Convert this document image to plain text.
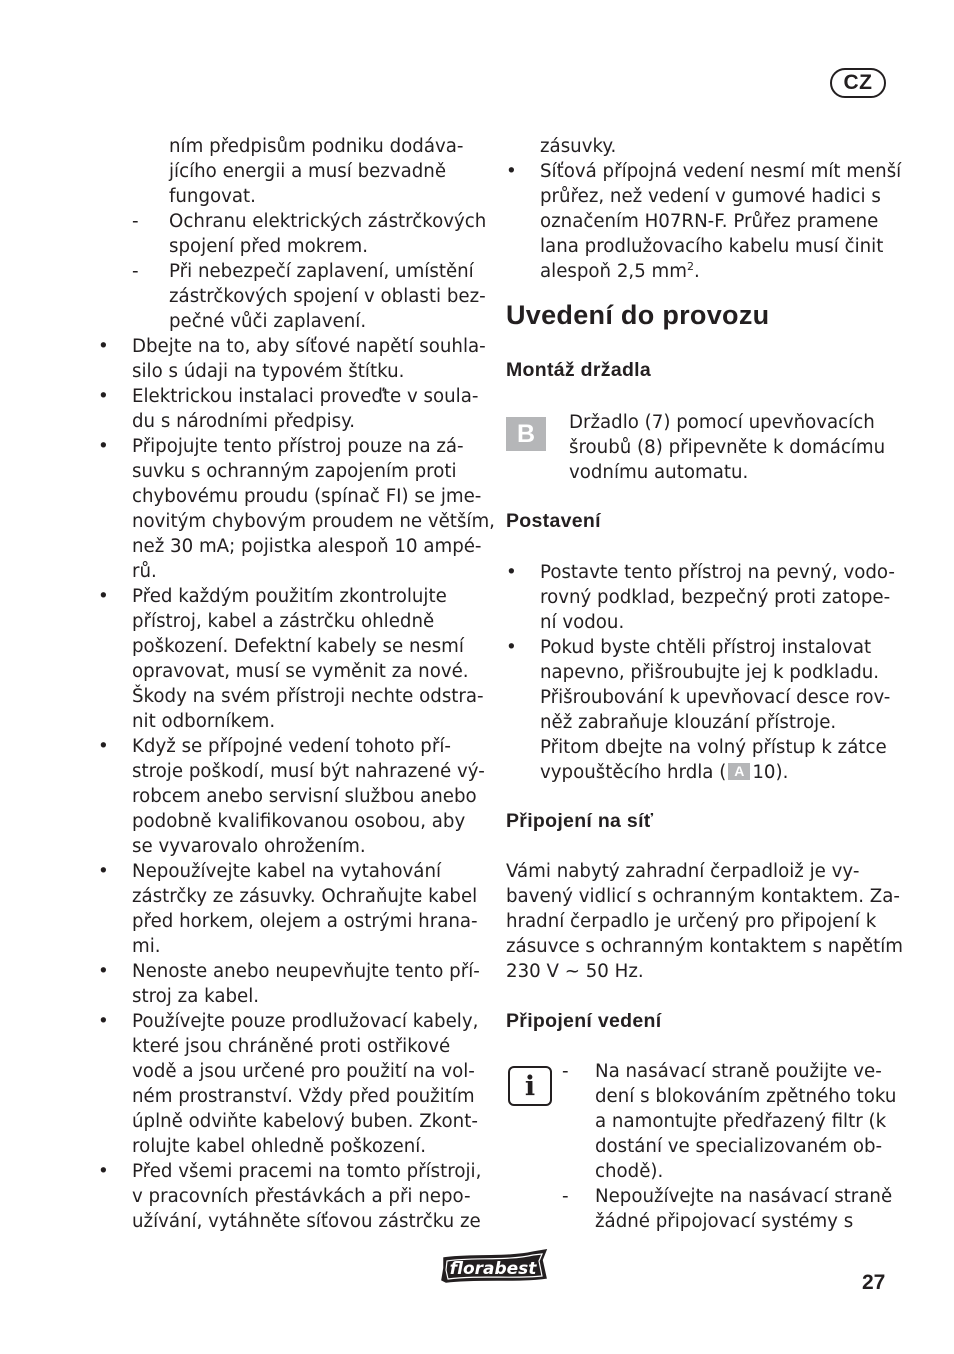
CZ
ním předpisům podniku dodáva-
jícího energii a musí bezvadně
fungovat.
- Ochranu elektrických zástrčkových
spojení před mokrem.
- Při nebezpečí zaplavení, umístění
zástrčkových spojení v oblasti bez-
pečné vůči zaplavení.
• Dbejte na to, aby síťové napětí souhla-
silo s údaji na typovém štítku.
• Elektrickou instalaci proveďte v soula-
du s národními předpisy.
• Připojujte tento přístroj pouze na zá-
suvku s ochranným zapojením proti
chybovému proudu (spínač FI) se jme-
novitým chybovým proudem ne větším,
než 30 mA; pojistka alespoň 10 ampé-
rů.
• Před každým použitím zkontrolujte
přístroj, kabel a zástrčku ohledně
poškození. Defektní kabely se nesmí
opravovat, musí se vyměnit za nové.
Škody na svém přístroji nechte odstra-
nit odborníkem.
• Když se přípojné vedení tohoto pří-
stroje poškodí, musí být nahrazené vý-
robcem anebo servisní službou anebo
podobně kvalifikovanou osobou, aby
se vyvarovalo ohrožením.
• Nepoužívejte kabel na vytahování
zástrčky ze zásuvky. Ochraňujte kabel
před horkem, olejem a ostrými hrana-
mi.
• Nenoste anebo neupevňujte tento pří-
stroj za kabel.
• Používejte pouze prodlužovací kabely,
které jsou chráněné proti ostřikové
vodě a jsou určené pro použití na vol-
ném prostranství. Vždy před použitím
úplně odviňte kabelový buben. Zkont-
rolujte kabel ohledně poškození.
• Před všemi pracemi na tomto přístroji,
v pracovních přestávkách a při nepo-
užívání, vytáhněte síťovou zástrčku ze
zásuvky.
• Síťová přípojná vedení nesmí mít menší
průřez, než vedení v gumové hadici s
označením H07RN-F. Průřez pramene
lana prodlužovacího kabelu musí činit
alespoň 2,5 $mm^2$.
Uvedení do provozu
Montáž držadla
B	Držadlo (7) pomocí upevňovacích
šroubů (8) připevněte k domácímu
vodnímu automatu.
Postavení
• Postavte tento přístroj na pevný, vodo-
rovný podklad, bezpečný proti zatope-
ní vodou.
• Pokud byste chtěli přístroj instalovat
napevno, přišroubujte jej k podkladu.
Přišroubování k upevňovací desce rov-
něž zabraňuje klouzání přístroje.
Přitom dbejte na volný přístup k zátce
vypouštěcího hrdla ( A 10).
Připojení na síť
Vámi nabytý zahradní čerpadloiž je vy-
bavený vidlicí s ochranným kontaktem. Za-
hradní čerpadlo je určený pro připojení k
zásuvce s ochranným kontaktem s napětím
230 V ~ 50 Hz.
Připojení vedení
i	- Na nasávací straně použijte ve-
dení s blokováním zpětného toku
a namontujte předřazený filtr (k
dostání ve specializovaném ob-
chodě).
- Nepoužívejte na nasávací straně
žádné připojovací systémy s
florabest
27
